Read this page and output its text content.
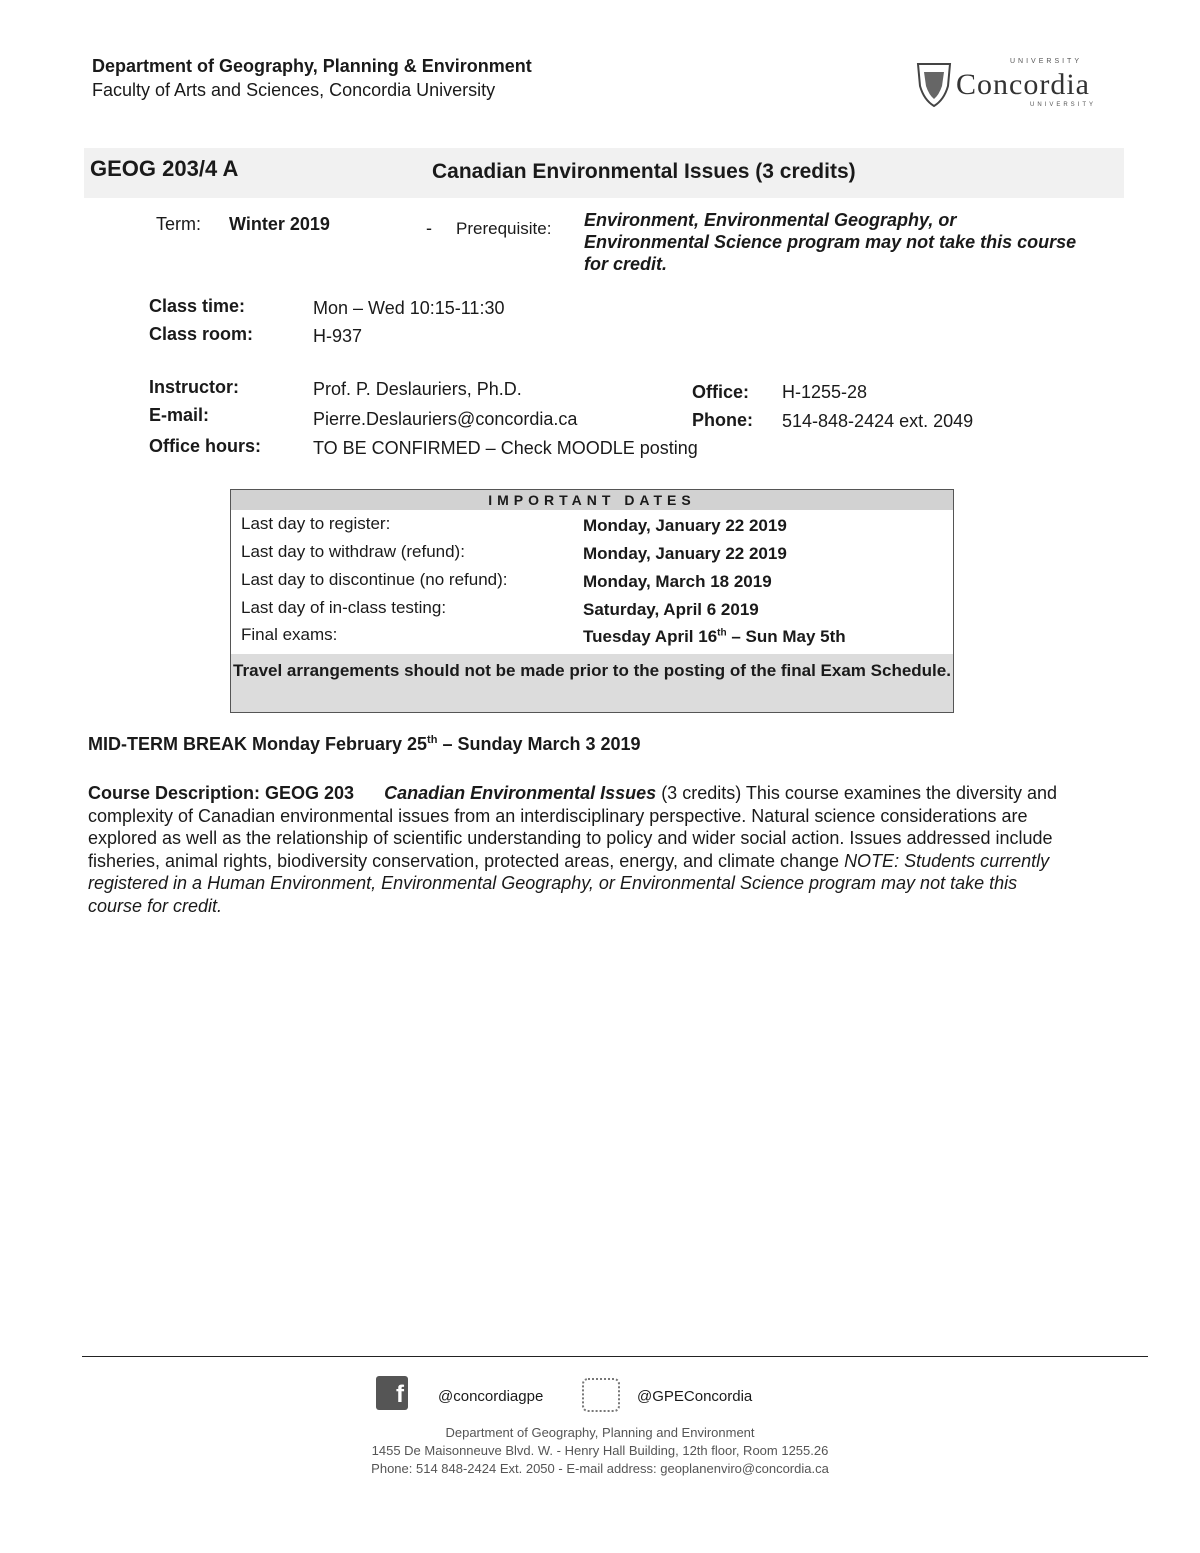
Department of Geography, Planning & Environment
Faculty of Arts and Sciences, Concordia University
UNIVERSITY
Concordia
UNIVERSITY
GEOG 203/4 A	Canadian Environmental Issues (3 credits)
Term: Winter 2019	- Prerequisite: Environment, Environmental Geography, or Environmental Science program may not take this course for credit.
Class time:	Mon – Wed 10:15-11:30
Class room:	H-937
Instructor:	Prof. P. Deslauriers, Ph.D.
E-mail:	Pierre.Deslauriers@concordia.ca
Office hours:	TO BE CONFIRMED – Check MOODLE posting
Office: H-1255-28
Phone: 514-848-2424 ext. 2049
IMPORTANT DATES
Last day to register:	Monday, January 22 2019
Last day to withdraw (refund):	Monday, January 22 2019
Last day to discontinue (no refund):	Monday, March 18 2019
Last day of in-class testing:	Saturday, April 6 2019
Final exams:	Tuesday April 16th – Sun May 5th
Travel arrangements should not be made prior to the posting of the final Exam Schedule.
MID-TERM BREAK Monday February 25th – Sunday March 3 2019
Course Description: GEOG 203 Canadian Environmental Issues (3 credits) This course examines the diversity and complexity of Canadian environmental issues from an interdisciplinary perspective. Natural science considerations are explored as well as the relationship of scientific understanding to policy and wider social action. Issues addressed include fisheries, animal rights, biodiversity conservation, protected areas, energy, and climate change NOTE: Students currently registered in a Human Environment, Environmental Geography, or Environmental Science program may not take this course for credit.
f @concordiagpe	@GPEConcordia
Department of Geography, Planning and Environment
1455 De Maisonneuve Blvd. W. - Henry Hall Building, 12th floor, Room 1255.26
Phone: 514 848-2424 Ext. 2050 - E-mail address: geoplanenviro@concordia.ca
